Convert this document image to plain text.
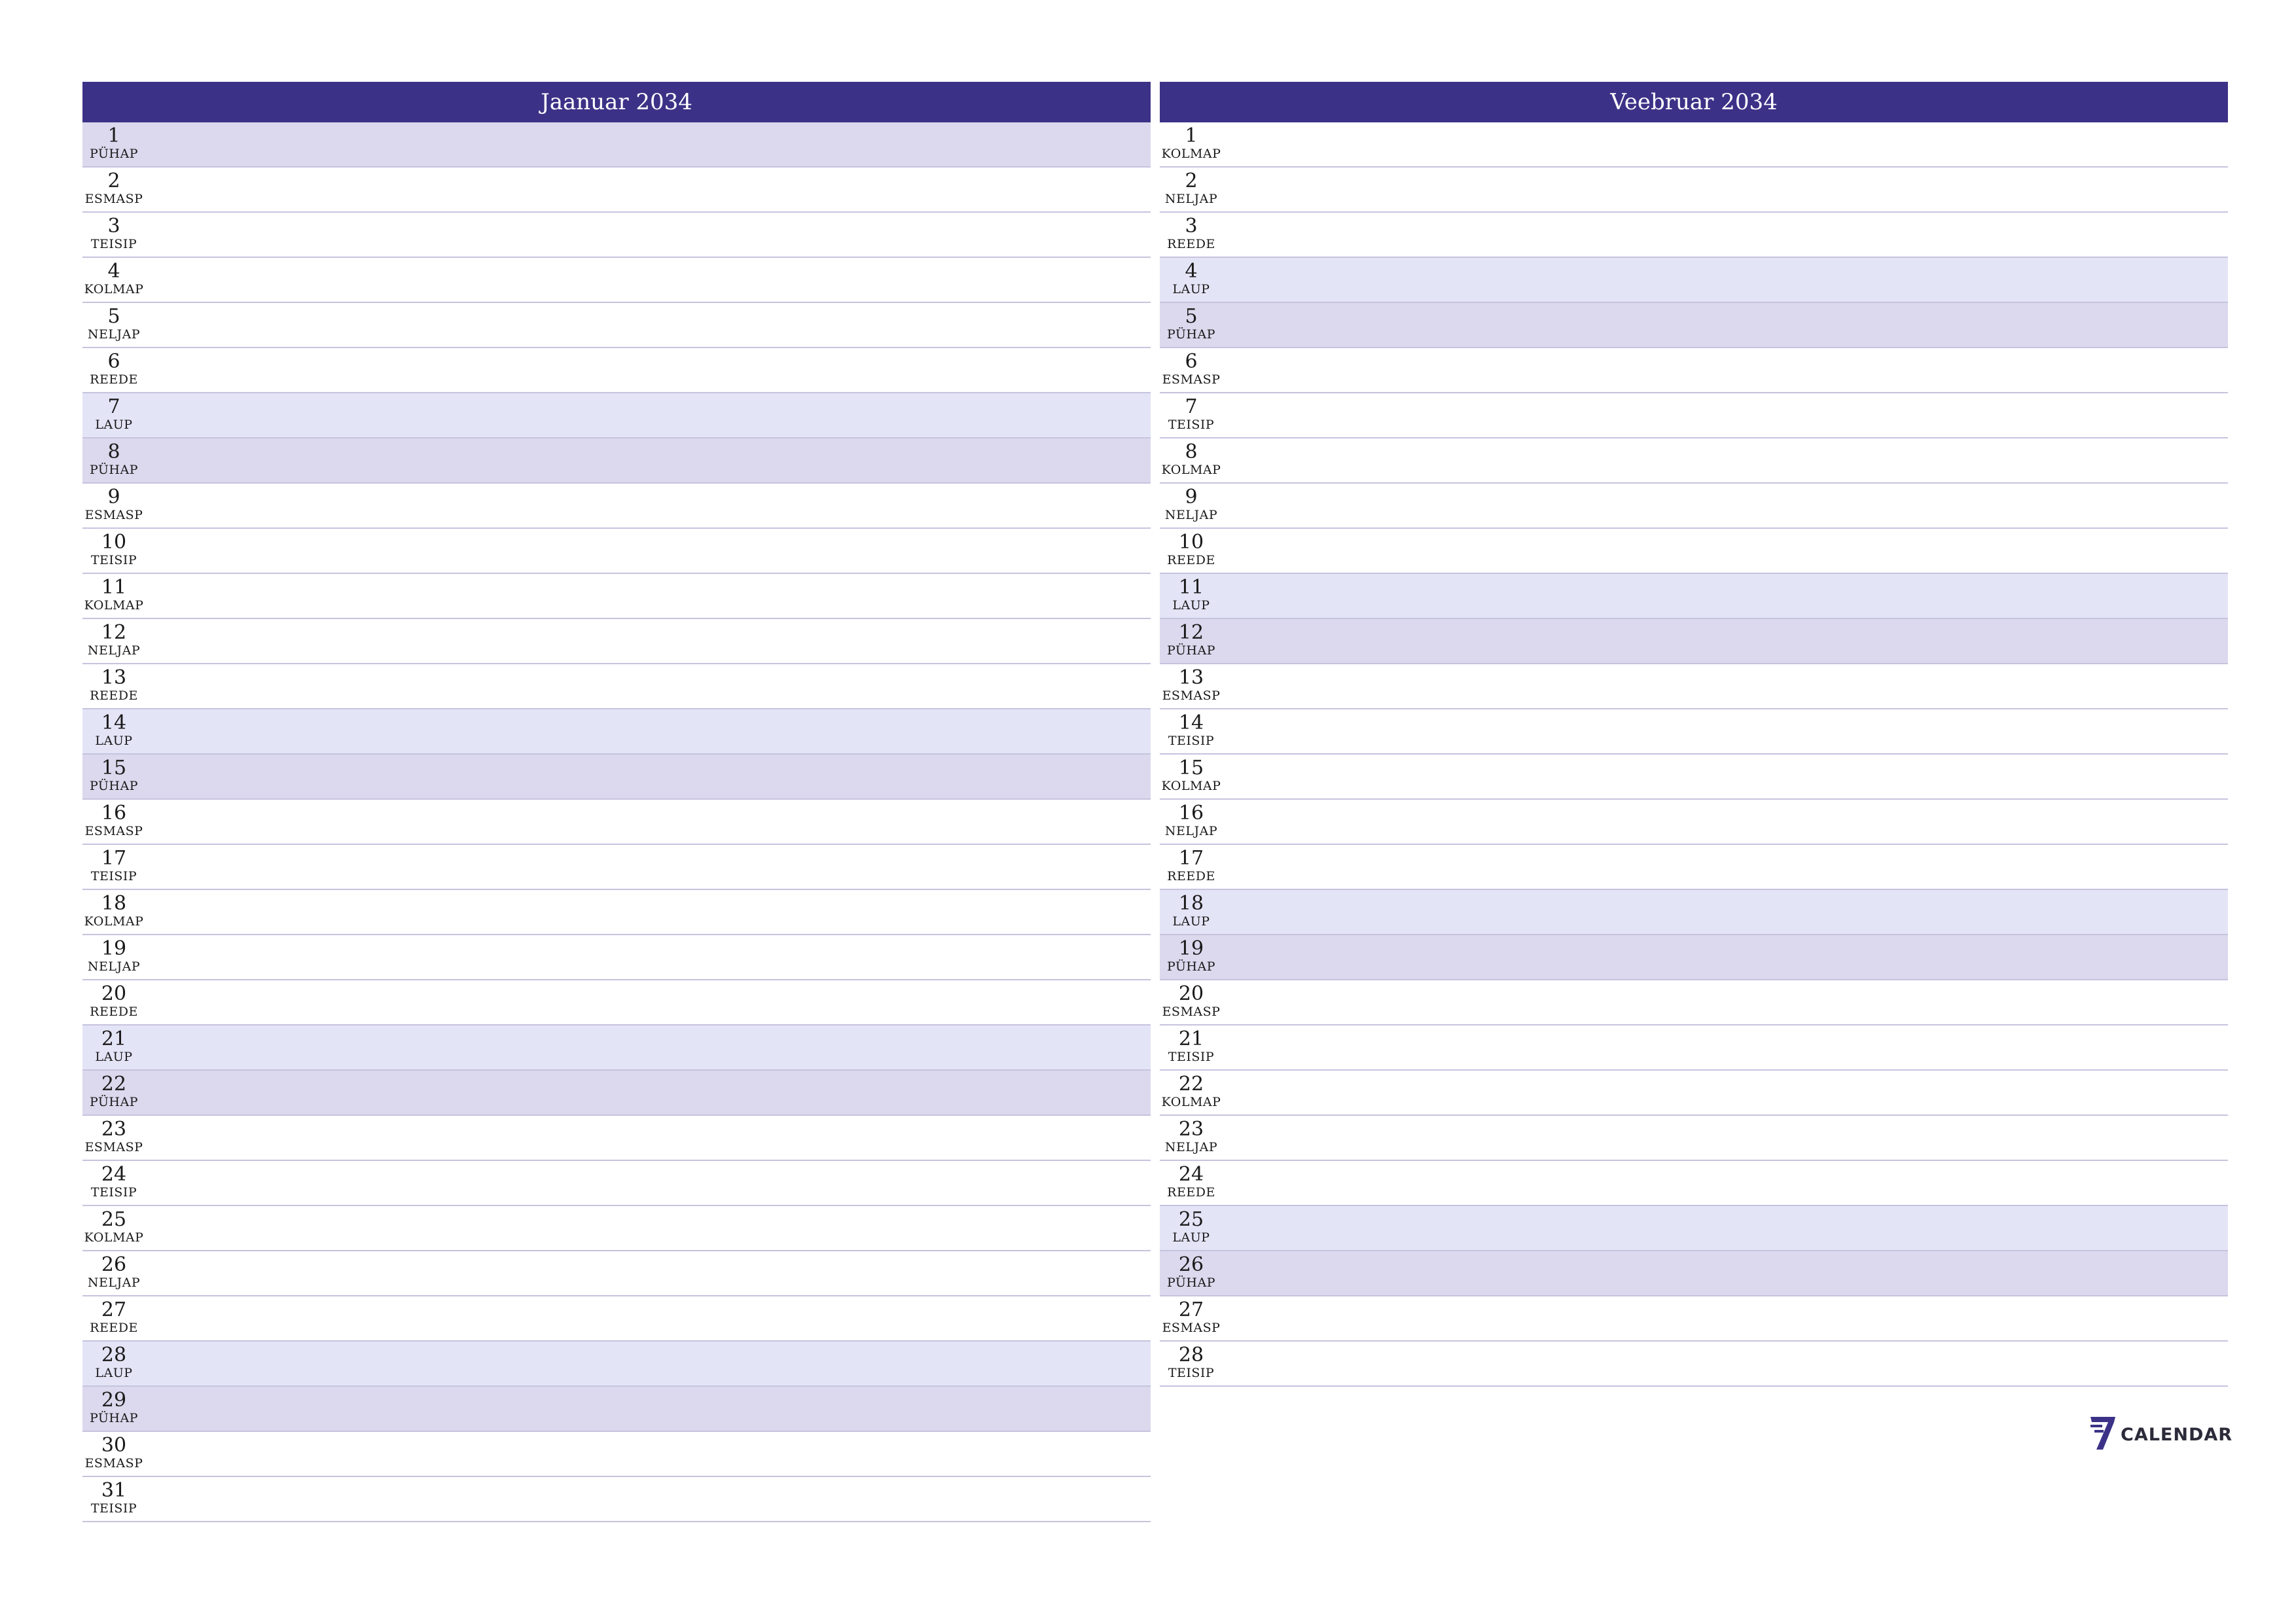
Jaanuar 2034
1
PÜHAP
2
ESMASP
3
TEISIP
4
KOLMAP
5
NELJAP
6
REEDE
7
LAUP
8
PÜHAP
9
ESMASP
10
TEISIP
11
KOLMAP
12
NELJAP
13
REEDE
14
LAUP
15
PÜHAP
16
ESMASP
17
TEISIP
18
KOLMAP
19
NELJAP
20
REEDE
21
LAUP
22
PÜHAP
23
ESMASP
24
TEISIP
25
KOLMAP
26
NELJAP
27
REEDE
28
LAUP
29
PÜHAP
30
ESMASP
31
TEISIP
Veebruar 2034
1
KOLMAP
2
NELJAP
3
REEDE
4
LAUP
5
PÜHAP
6
ESMASP
7
TEISIP
8
KOLMAP
9
NELJAP
10
REEDE
11
LAUP
12
PÜHAP
13
ESMASP
14
TEISIP
15
KOLMAP
16
NELJAP
17
REEDE
18
LAUP
19
PÜHAP
20
ESMASP
21
TEISIP
22
KOLMAP
23
NELJAP
24
REEDE
25
LAUP
26
PÜHAP
27
ESMASP
28
TEISIP
CALENDAR
